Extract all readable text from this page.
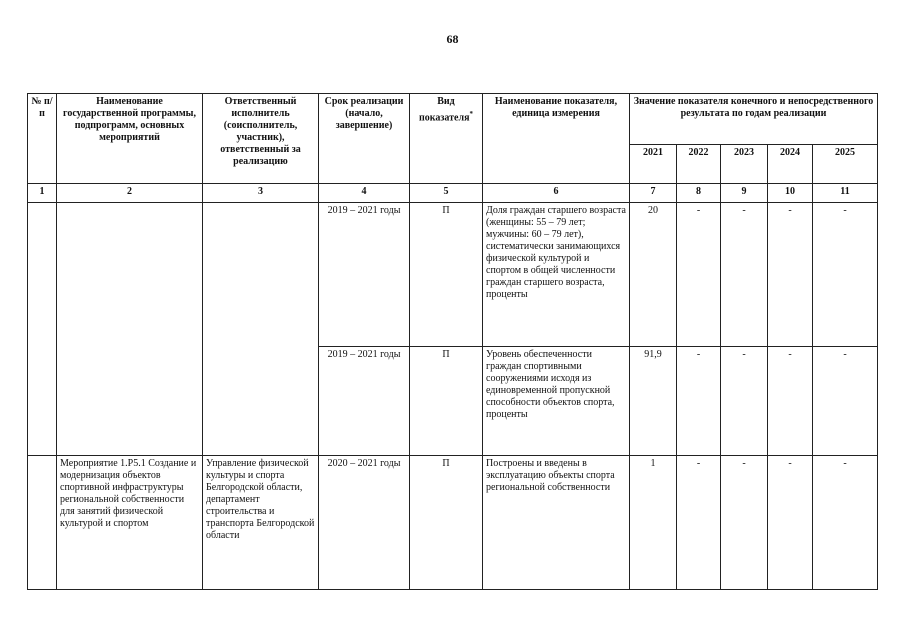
68
№ п/п	Наименование государственной программы, подпрограмм, основных мероприятий	Ответственный исполнитель (соисполнитель, участник), ответственный за реализацию	Срок реализации (начало, завершение)	Вид показателя*	Наименование показателя, единица измерения	Значение показателя конечного и непосредственного результата по годам реализации				
						2021	2022	2023	2024	2025
1	2	3	4	5	6	7	8	9	10	11
			2019 – 2021 годы	П	Доля граждан старшего возраста (женщины: 55 – 79 лет; мужчины: 60 – 79 лет), систематически занимающихся физической культурой и спортом в общей численности граждан старшего возраста, проценты	20	-	-	-	-
			2019 – 2021 годы	П	Уровень обеспеченности граждан спортивными сооружениями исходя из единовременной пропускной способности объектов спорта, проценты	91,9	-	-	-	-
	Мероприятие 1.Р5.1 Создание и модернизация объектов спортивной инфраструктуры региональной собственности для занятий физической культурой и спортом	Управление физической культуры и спорта Белгородской области, департамент строительства и транспорта Белгородской области	2020 – 2021 годы	П	Построены и введены в эксплуатацию объекты спорта региональной собственности	1	-	-	-	-
